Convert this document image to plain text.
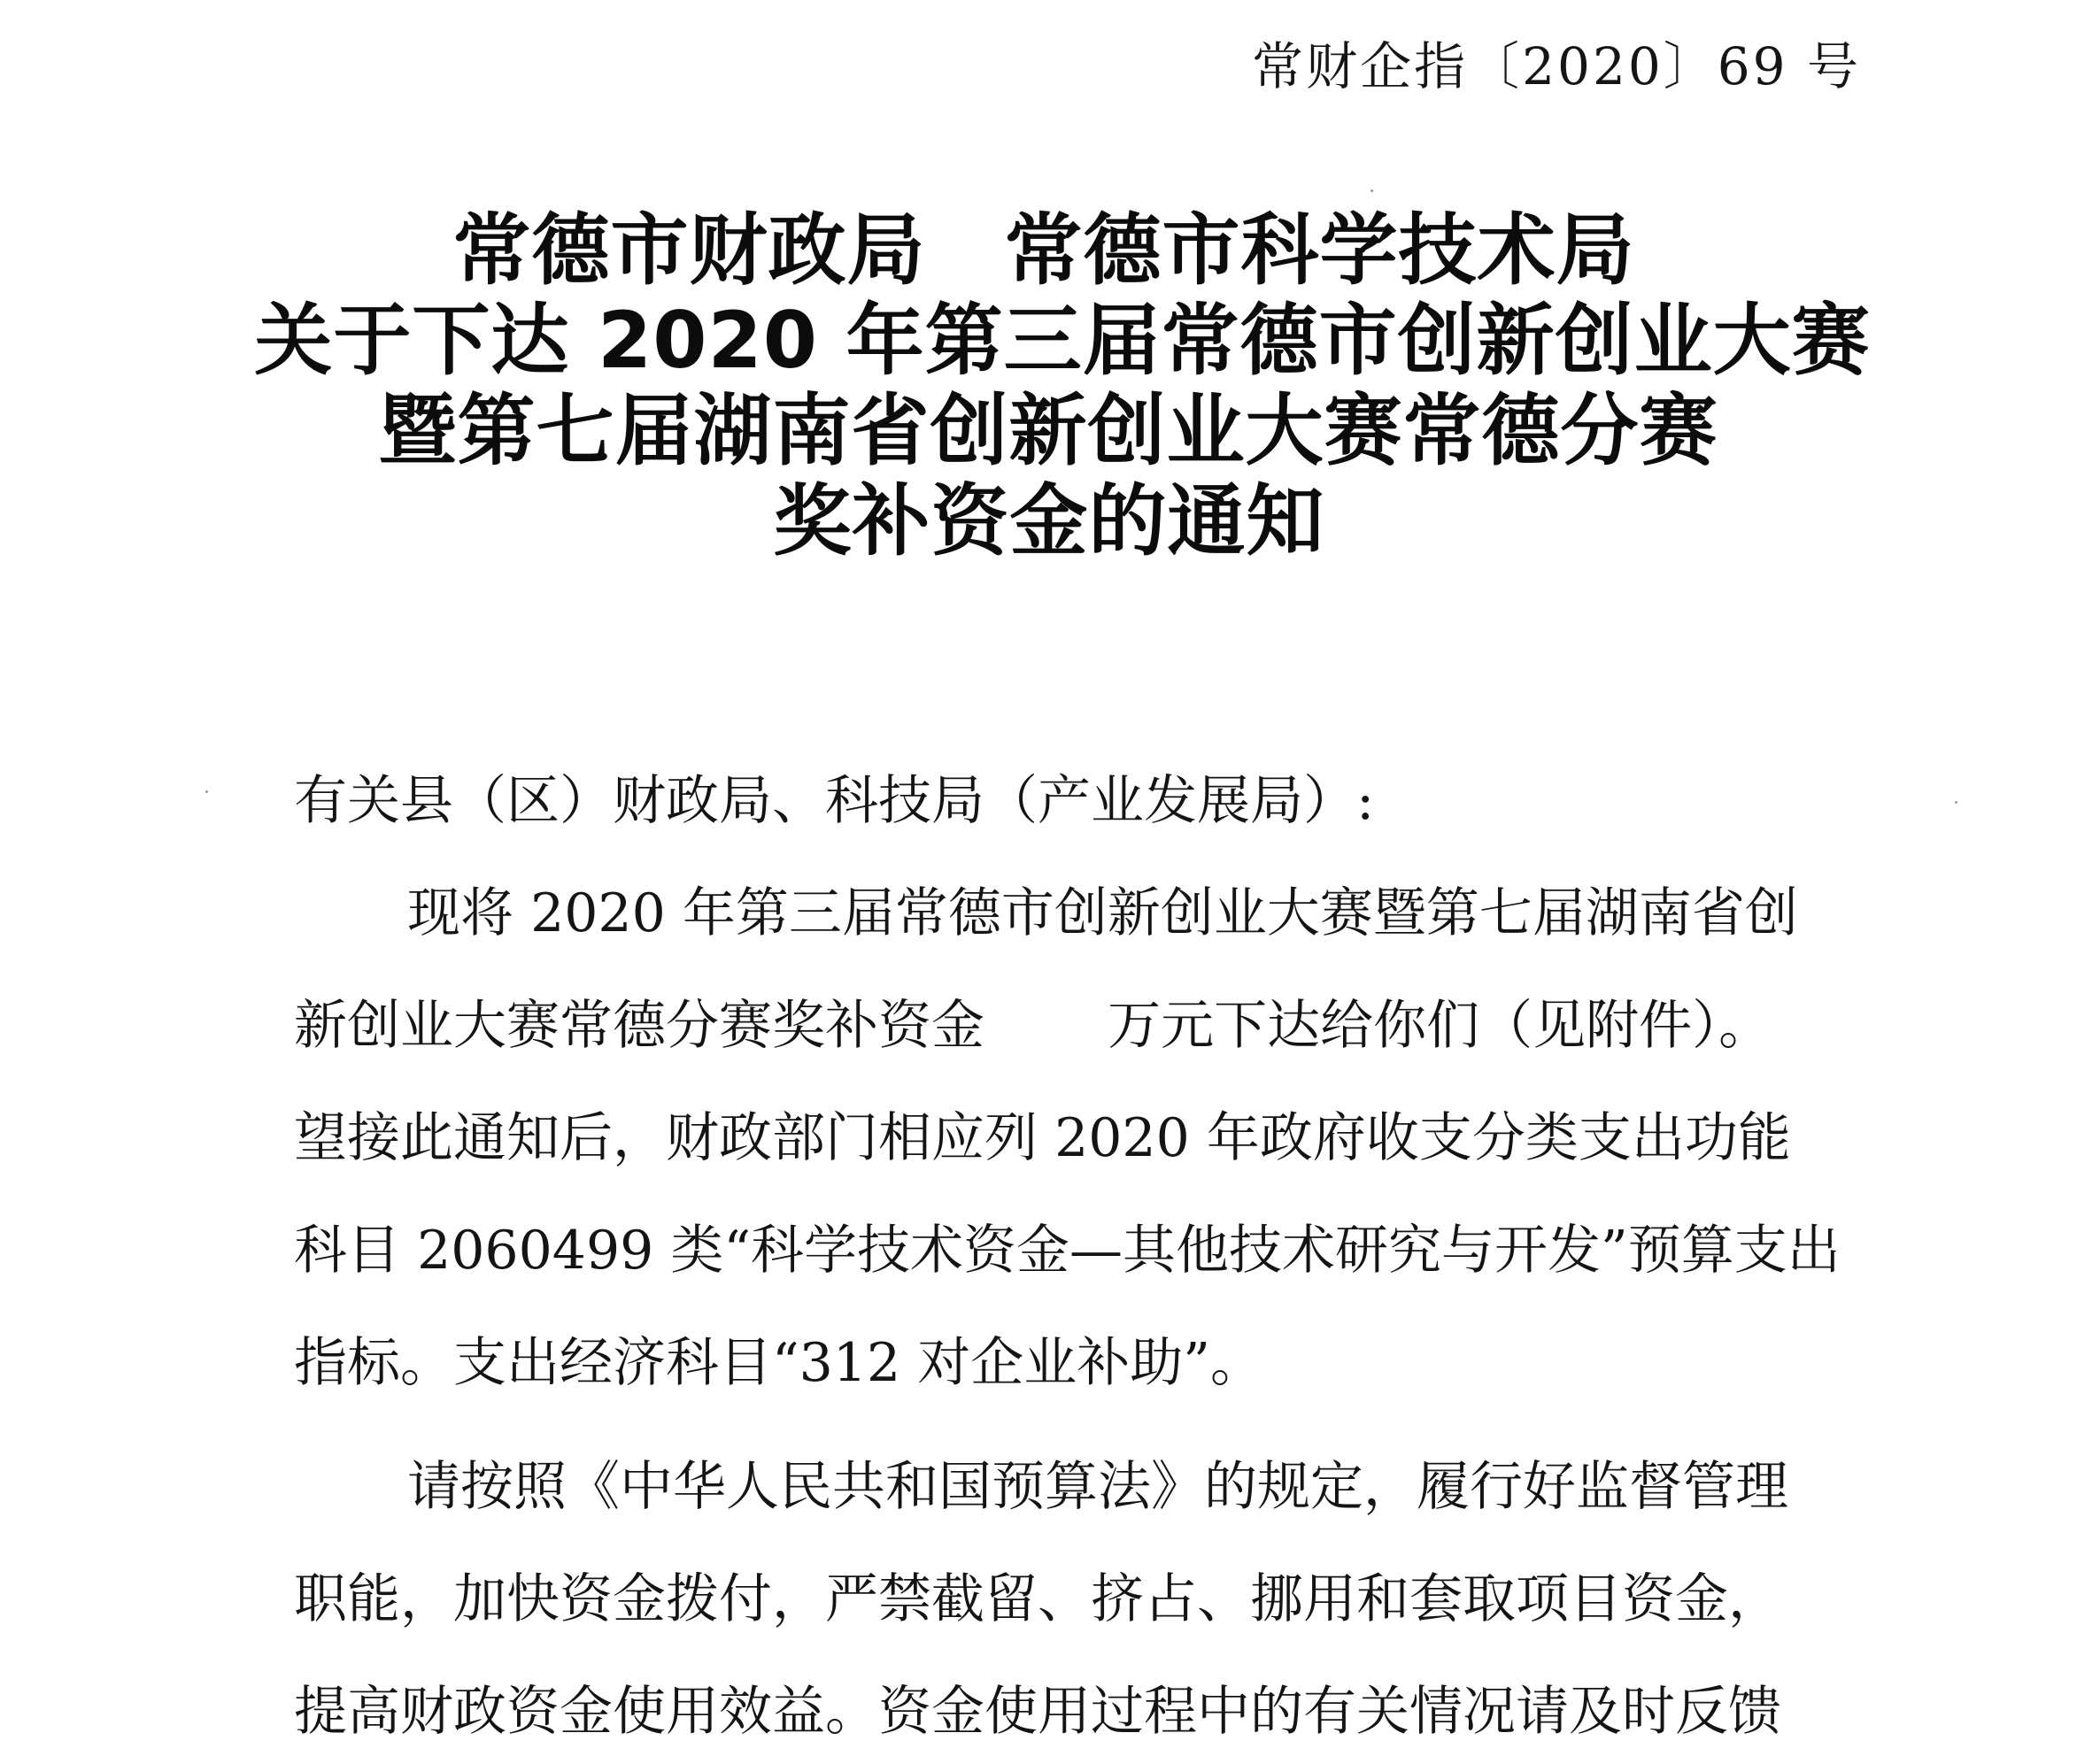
常财企指〔2020〕69 号
常德市财政局　常德市科学技术局
关于下达 2020 年第三届常德市创新创业大赛
暨第七届湖南省创新创业大赛常德分赛
奖补资金的通知
有关县（区）财政局、科技局（产业发展局）:
现将 2020 年第三届常德市创新创业大赛暨第七届湖南省创
新创业大赛常德分赛奖补资金　　 万元下达给你们（见附件）。
望接此通知后，财政部门相应列 2020 年政府收支分类支出功能
科目 2060499 类“科学技术资金—其他技术研究与开发”预算支出
指标。支出经济科目“312 对企业补助”。
请按照《中华人民共和国预算法》的规定，履行好监督管理
职能，加快资金拨付，严禁截留、挤占、挪用和套取项目资金，
提高财政资金使用效益。资金使用过程中的有关情况请及时反馈
